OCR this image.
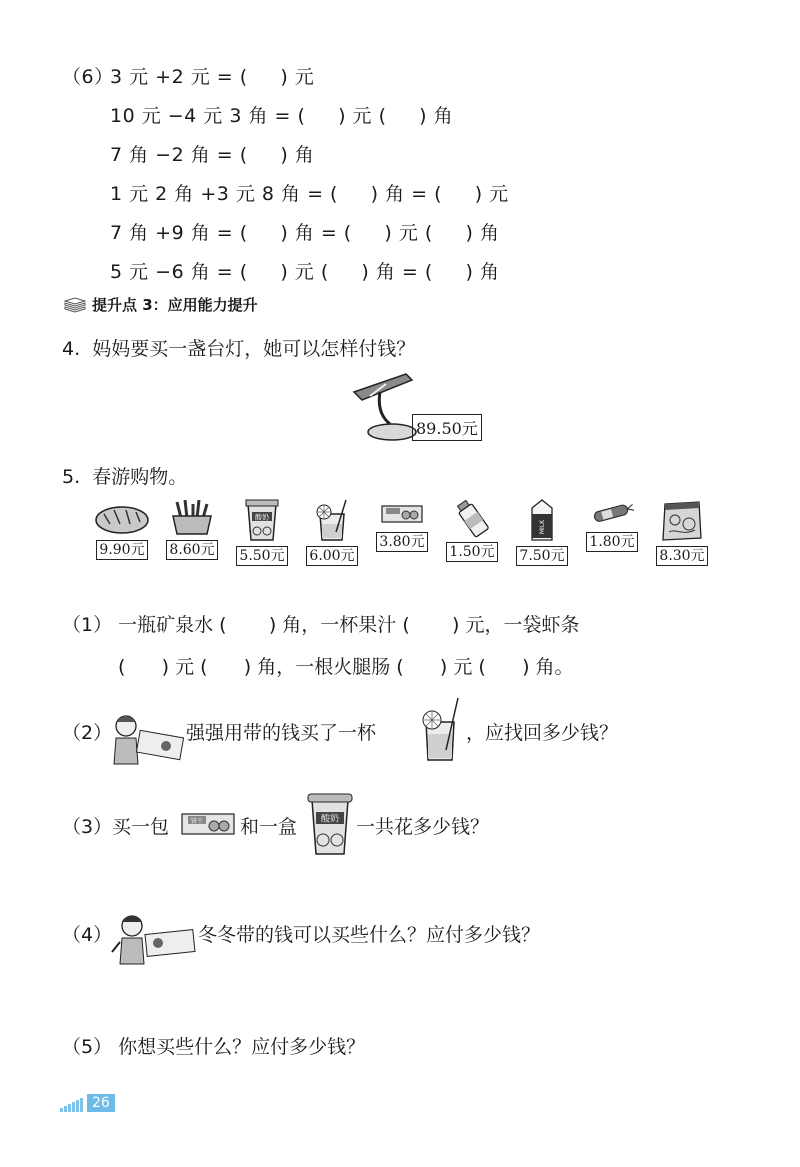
（6）
3 元 +2 元 = (     ) 元
10 元 −4 元 3 角 = (     ) 元 (     ) 角
7 角 −2 角 = (     ) 角
1 元 2 角 +3 元 8 角 = (     ) 角 = (     ) 元
7 角 +9 角 = (     ) 角 = (     ) 元 (     ) 角
5 元 −6 角 = (     ) 元 (     ) 角 = (     ) 角
提升点 3：应用能力提升
4.  妈妈要买一盏台灯，她可以怎样付钱？
89.50元
5.  春游购物。
9.90元	8.60元
酸奶
5.50元	6.00元
3.80元
1.50元
MILK
7.50元
1.80元
8.30元
（1） 一瓶矿泉水 (       ) 角，一杯果汁 (       ) 元，一袋虾条
(      ) 元 (      ) 角，一根火腿肠 (      ) 元 (      ) 角。
（2）	强强用带的钱买了一杯	，应找回多少钱？
（3） 买一包	饼干 和一盒	酸奶 一共花多少钱？
（4）	冬冬带的钱可以买些什么？应付多少钱？
（5） 你想买些什么？应付多少钱？
26
